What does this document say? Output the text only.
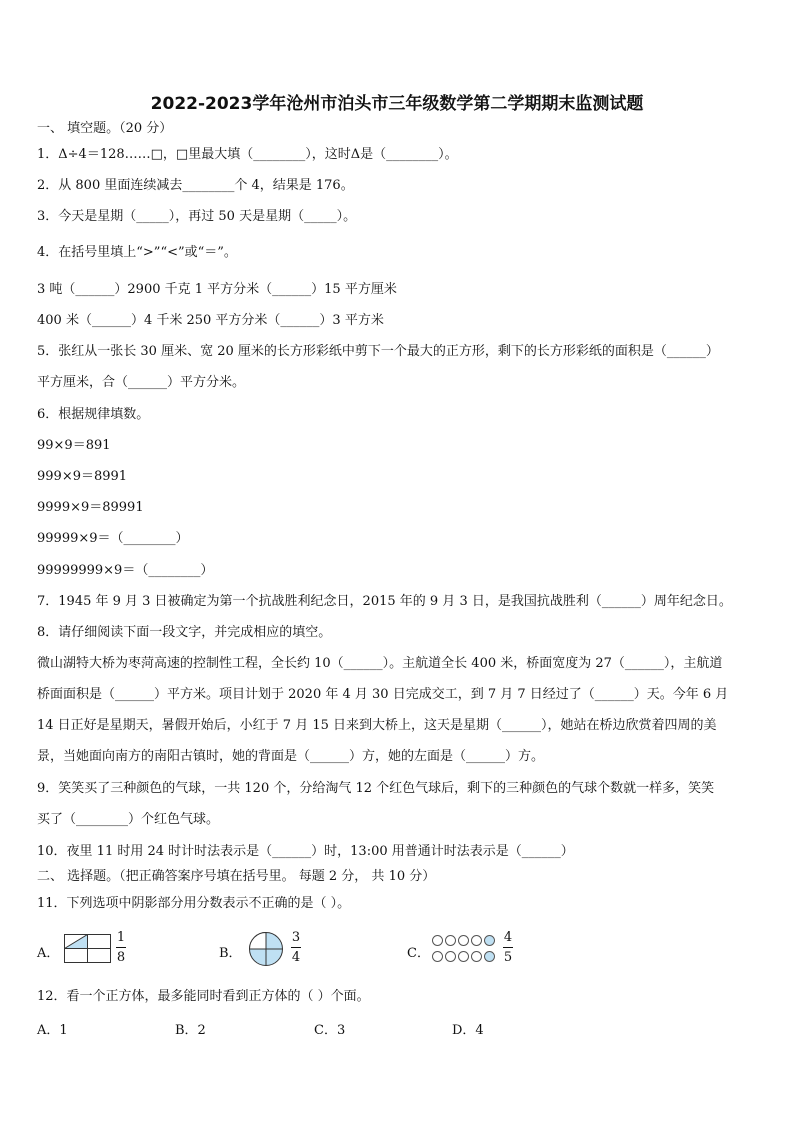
2022-2023学年沧州市泊头市三年级数学第二学期期末监测试题
一、 填空题。（20 分）
1．Δ÷4＝128……□，□里最大填（________），这时Δ是（________）。
2．从 800 里面连续减去________个 4，结果是 176。
3．今天是星期（_____），再过 50 天是星期（_____）。
4．在括号里填上“>”“<”或“＝”。
3 吨（______）2900 千克 1 平方分米（______）15 平方厘米
400 米（______）4 千米 250 平方分米（______）3 平方米
5．张红从一张长 30 厘米、宽 20 厘米的长方形彩纸中剪下一个最大的正方形，剩下的长方形彩纸的面积是（______）
平方厘米，合（______）平方分米。
6．根据规律填数。
99×9＝891
999×9＝8991
9999×9＝89991
99999×9＝（________）
99999999×9＝（________）
7．1945 年 9 月 3 日被确定为第一个抗战胜利纪念日，2015 年的 9 月 3 日，是我国抗战胜利（______）周年纪念日。
8．请仔细阅读下面一段文字，并完成相应的填空。
微山湖特大桥为枣菏高速的控制性工程，全长约 10（______）。主航道全长 400 米，桥面宽度为 27（______），主航道
桥面面积是（______）平方米。项目计划于 2020 年 4 月 30 日完成交工，到 7 月 7 日经过了（______）天。今年 6 月
14 日正好是星期天，暑假开始后，小红于 7 月 15 日来到大桥上，这天是星期（______），她站在桥边欣赏着四周的美
景，当她面向南方的南阳古镇时，她的背面是（______）方，她的左面是（______）方。
9．笑笑买了三种颜色的气球，一共 120 个，分给淘气 12 个红色气球后，剩下的三种颜色的气球个数就一样多，笑笑
买了（________）个红色气球。
10．夜里 11 时用 24 时计时法表示是（______）时，13:00 用普通计时法表示是（______）
二、 选择题。（把正确答案序号填在括号里。 每题 2 分， 共 10 分）
11．下列选项中阴影部分用分数表示不正确的是（ ）。
A．
1
8	B．
3
4	C．
4
5
12．看一个正方体，最多能同时看到正方体的（ ）个面。
A．1	B．2	C．3	D．4
